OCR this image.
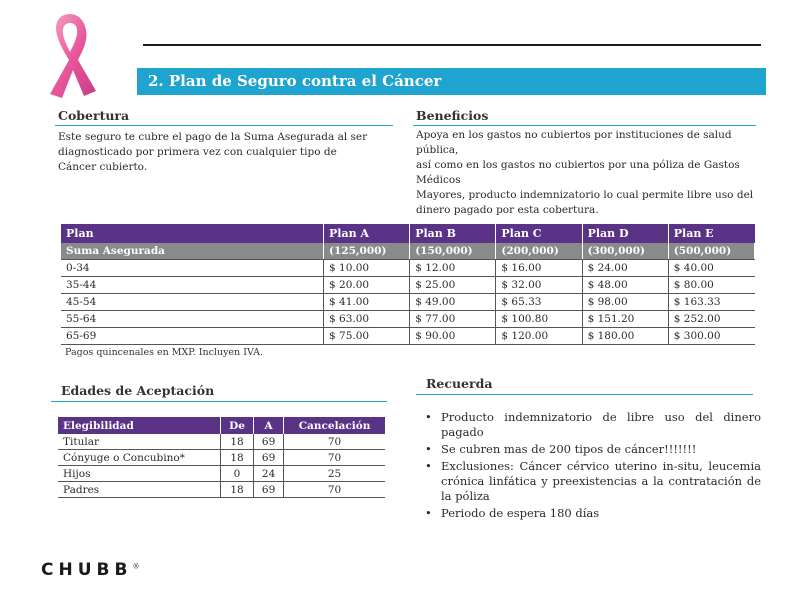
2. Plan de Seguro contra el Cáncer
Cobertura
Este seguro te cubre el pago de la Suma Asegurada al ser
diagnosticado por primera vez con cualquier tipo de
Cáncer cubierto.
Beneficios
Apoya en los gastos no cubiertos por instituciones de salud pública,
así como en los gastos no cubiertos por una póliza de Gastos Médicos
Mayores, producto indemnizatorio lo cual permite libre uso del
dinero pagado por esta cobertura.
Plan	Plan A	Plan B	Plan C	Plan D	Plan E
Suma Asegurada	(125,000)	(150,000)	(200,000)	(300,000)	(500,000)
0-34	$ 10.00	$ 12.00	$ 16.00	$ 24.00	$ 40.00
35-44	$ 20.00	$ 25.00	$ 32.00	$ 48.00	$ 80.00
45-54	$ 41.00	$ 49.00	$ 65.33	$ 98.00	$ 163.33
55-64	$ 63.00	$ 77.00	$ 100.80	$ 151.20	$ 252.00
65-69	$ 75.00	$ 90.00	$ 120.00	$ 180.00	$ 300.00
Pagos quincenales en MXP. Incluyen IVA.
Edades de Aceptación
Elegibilidad	De	A	Cancelación
Titular	18	69	70
Cónyuge o Concubino*	18	69	70
Hijos	0	24	25
Padres	18	69	70
Recuerda
• Producto indemnizatorio de libre uso del dinero pagado
• Se cubren mas de 200 tipos de cáncer!!!!!!!
• Exclusiones: Cáncer cérvico uterino in-situ, leucemia crónica linfática y preexistencias a la contratación de la póliza
• Periodo de espera 180 días
CHUBB®
